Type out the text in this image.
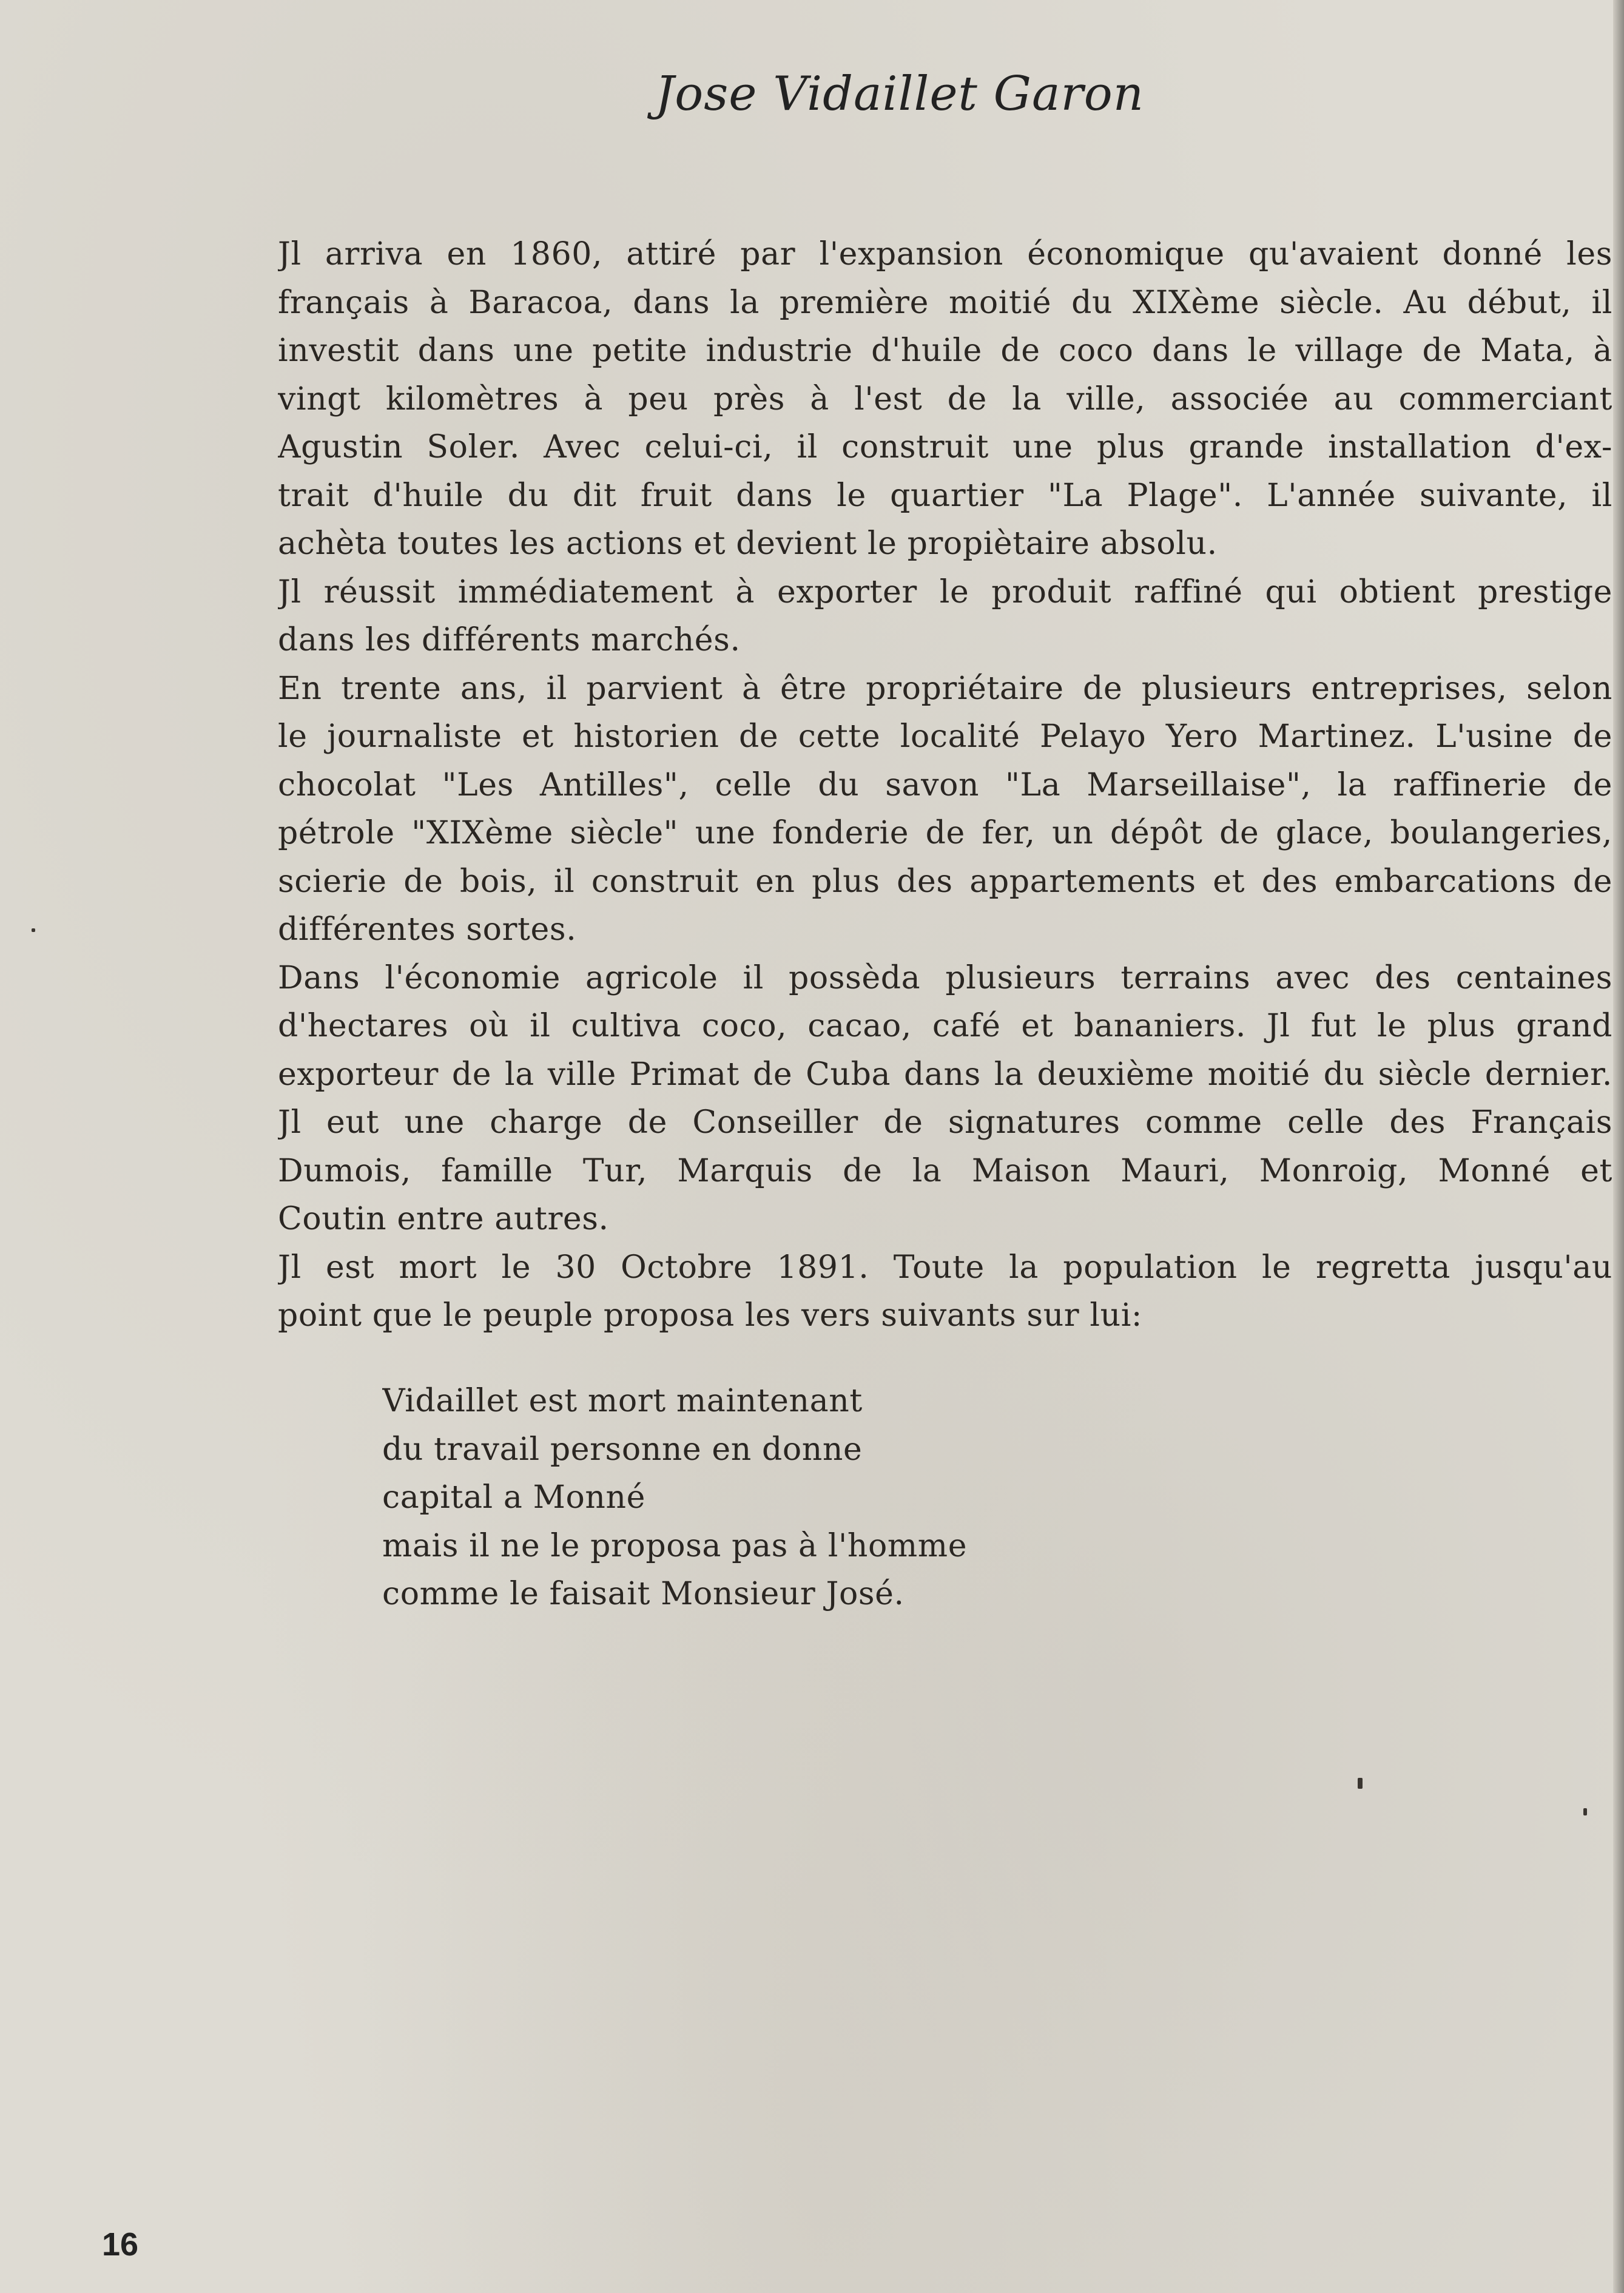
Jose Vidaillet Garon
Jl arriva en 1860, attiré par l'expansion économique qu'avaient donné les
français à Baracoa, dans la première moitié du XIXème siècle. Au début, il
investit dans une petite industrie d'huile de coco dans le village de Mata, à
vingt kilomètres à peu près à l'est de la ville, associée au commerciant
Agustin Soler. Avec celui-ci, il construit une plus grande installation d'ex-
trait d'huile du dit fruit dans le quartier "La Plage". L'année suivante, il
achèta toutes les actions et devient le propiètaire absolu.
Jl réussit immédiatement à exporter le produit raffiné qui obtient prestige
dans les différents marchés.
En trente ans, il parvient à être propriétaire de plusieurs entreprises, selon
le journaliste et historien de cette localité Pelayo Yero Martinez. L'usine de
chocolat "Les Antilles", celle du savon "La Marseillaise", la raffinerie de
pétrole "XIXème siècle" une fonderie de fer, un dépôt de glace, boulangeries,
scierie de bois, il construit en plus des appartements et des embarcations de
différentes sortes.
Dans l'économie agricole il possèda plusieurs terrains avec des centaines
d'hectares où il cultiva coco, cacao, café et bananiers. Jl fut le plus grand
exporteur de la ville Primat de Cuba dans la deuxième moitié du siècle dernier.
Jl eut une charge de Conseiller de signatures comme celle des Français
Dumois, famille Tur, Marquis de la Maison Mauri, Monroig, Monné et
Coutin entre autres.
Jl est mort le 30 Octobre 1891. Toute la population le regretta jusqu'au
point que le peuple proposa les vers suivants sur lui:
Vidaillet est mort maintenant
du travail personne en donne
capital a Monné
mais il ne le proposa pas à l'homme
comme le faisait Monsieur José.
16
